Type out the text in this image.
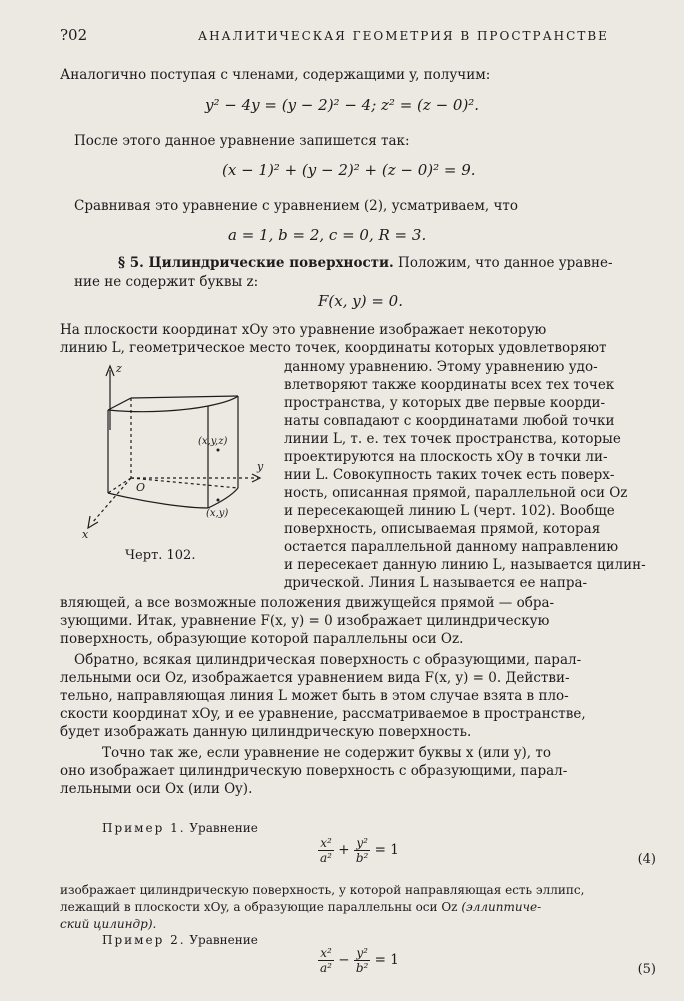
?02	АНАЛИТИЧЕСКАЯ ГЕОМЕТРИЯ В ПРОСТРАНСТВЕ
Аналогично поступая с членами, содержащими y, получим:
y² − 4y = (y − 2)² − 4; z² = (z − 0)².
После этого данное уравнение запишется так:
(x − 1)² + (y − 2)² + (z − 0)² = 9.
Сравнивая это уравнение с уравнением (2), усматриваем, что
a = 1, b = 2, c = 0, R = 3.
§ 5. Цилиндрические поверхности. Положим, что данное уравне-
ние не содержит буквы z:
F(x, y) = 0.
На плоскости координат xOy это уравнение изображает некоторую
линию L, геометрическое место точек, координаты которых удовлетворяют
данному уравнению. Этому уравнению удо-
влетворяют также координаты всех тех точек
пространства, у которых две первые коорди-
наты совпадают с координатами любой точки
линии L, т. е. тех точек пространства, которые
проектируются на плоскость xOy в точки ли-
нии L. Совокупность таких точек есть поверх-
ность, описанная прямой, параллельной оси Oz
и пересекающей линию L (черт. 102). Вообще
поверхность, описываемая прямой, которая
остается параллельной данному направлению
и пересекает данную линию L, называется цилин-
дрической. Линия L называется ее напра-
z
y
x
O
(x,y,z)
(x,y)
Черт. 102.
вляющей, а все возможные положения движущейся прямой — обра-
зующими. Итак, уравнение F(x, y) = 0 изображает цилиндрическую
поверхность, образующие которой параллельны оси Oz.
Обратно, всякая цилиндрическая поверхность с образующими, парал-
лельными оси Oz, изображается уравнением вида F(x, y) = 0. Действи-
тельно, направляющая линия L может быть в этом случае взята в пло-
скости координат xOy, и ее уравнение, рассматриваемое в пространстве,
будет изображать данную цилиндрическую поверхность.
Точно так же, если уравнение не содержит буквы x (или y), то
оно изображает цилиндрическую поверхность с образующими, парал-
лельными оси Ox (или Oy).
Пример 1. Уравнение
$\frac{\text{x²}}{\text{a²}} + \frac{\text{y²}}{\text{b²}} = 1$
(4)
изображает цилиндрическую поверхность, у которой направляющая есть эллипс,
лежащий в плоскости xOy, а образующие параллельны оси Oz (эллиптиче-
ский цилиндр).
Пример 2. Уравнение
$\frac{\text{x²}}{\text{a²}} - \frac{\text{y²}}{\text{b²}} = 1$
(5)
